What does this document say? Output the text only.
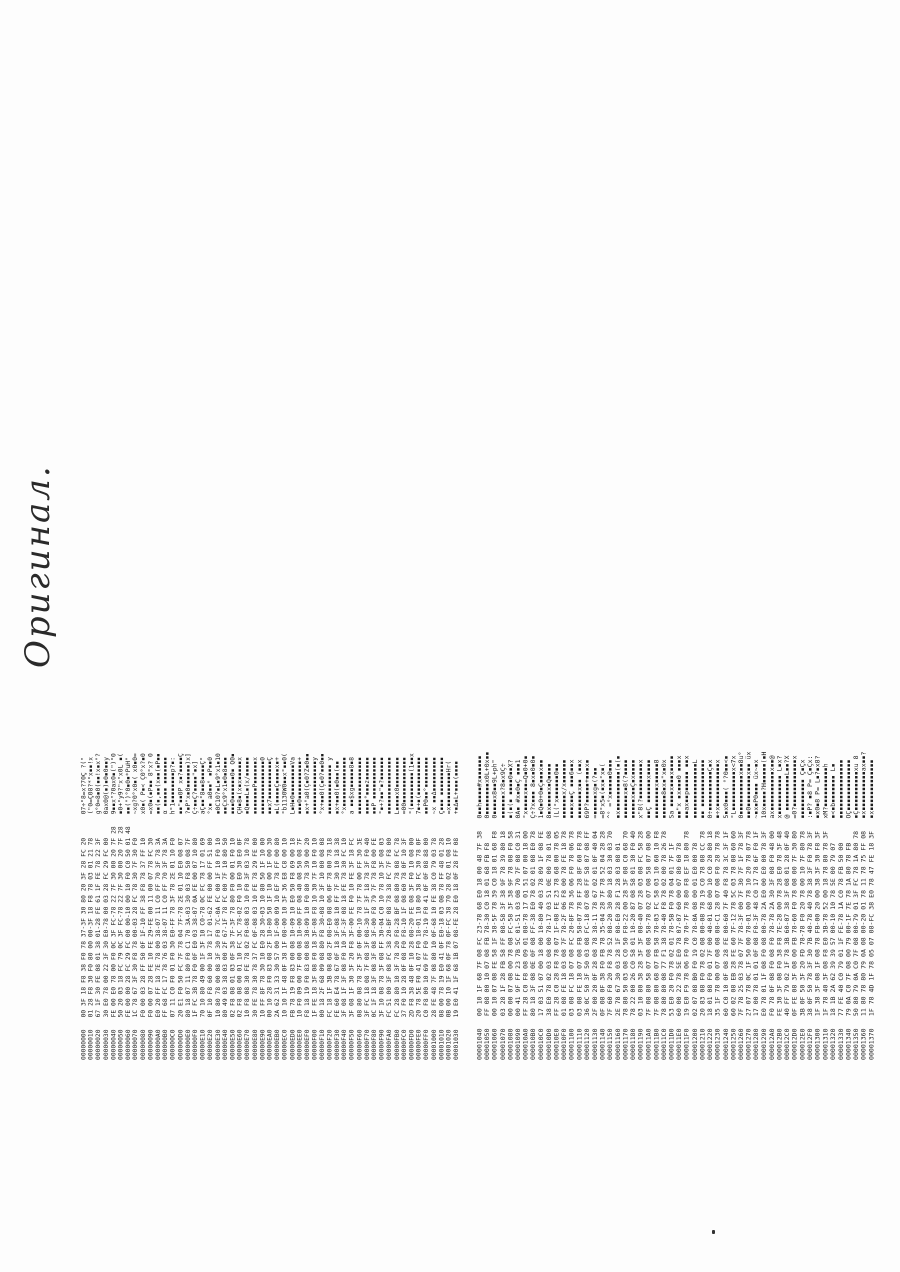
Оригинал.
00000000 00000010 00000020 00000030 00000040 00000050 00000060 00000070 00000080 00000090 000000A0 000000B0 000000C0 000000D0 000000E0 000000F0 00000E10 00000E20 00000E30 00000E40 00000E50 00000E60 00000E70 00000E80 00000E90 00000EA0 00000EB0 00000EC0 00000ED0 00000EE0 00000EF0 00000F00 00000F10 00000F20 00000F30 00000F40 00000F50 00000F60 00000F70 00000F80 00000F90 00000FA0 00000FB0 00000FC0 00000FD0 00000FE0 00000FF0 00001000 00001010 00001020 00001030
00 3F 18 F8 38 F0 78 37-3F 30 80 20 3F 28 FC 20 01 28 F8 30 F0 80 00 00-3F 18 F8 78 03 01 21 78 67 1F 30 FE 08 01 38 01-28 FE 61 1F FE 78 22 3F 30 E0 78 00 22 3F 30 E0-78 00 03 28 FC 29 FC 00 FE 00 E0 78 00 F0 0C 3F FC-78 22 7F 30 00 20 7F 28 50 20 03 18 FC 79 0C 3F FC-78 22 7F 30 00 20 7F 28 FE 00 00 28 FC 29 FC 00 00-10 00 10 F0 C0 50 01 48 1C 78 67 3F 30 F8 78 00-03 28 FC 78 30 7F 30 F0 F0 00 03 28 FF 50 0F 1F-10 FF 38 F8 78 37 FF 10 F0 00 07 28 FE 10 FE 29-FE 00 11 00 07 78 FC 30 E0 20 FF 18 7E 78 00 38-07 11 C0 FF 70 3F 78 3A FF 68 FC 17 78 76 03 38-07 11 C0 FF 70 3F 78 3A 07 11 C0 F0 01 F0 30 E0-FF 78 3F 78 2E 01 10 F0 20 E1 F0 50 FC 7F 78 04 7F-78 2E 01 10 E0 08 07 80 18 07 11 80 F0 C1 70 3A-03 30 03 F8 50 08 7F 1F FC 3B 78 F0 0F E0 03 38-07 0A FE 00 07 10 80 70 10 80 49 00 1F 3F 10 C0-78 0C FC 78 17 01 69 0F 10 F8 60 00 10 78 17 01-62 FE 00 00 FF 51 00 10 80 78 00 08 3F 30 F0 7C-0A FC 00 1F 10 F0 10 80 49 03 38 03 00 2F 67-1F 78 FC 00 7F 10 80 50 02 F8 08 01 03 0F 38 7F-3F 78 80 F0 00 01 F0 10 02 F8 08 00 01 10 FC 3C 78-02 F0 10 E0 30 E0 0F 10 F8 08 30 FE 78 02 F0-08 03 10 F0 3F 03 10 78 30 FE 78 30 78 37 FC 0F-08 03 10 FE 78 29 FE 00 10 FF 8F 78 30 10 E0 28 30-03 10 80 50 1F 10 00 00 10 28 F0 83 08 2F 10-80 50 1F 10 00 1F 00 30 2A 62 31 33 30 57 00 1F-00 09 10 EF 78 FF 00 80 10 10 1F 48 0F 38 1F 08-00 10 3F 36 E8 C8 00 10 FB 78 19 F8 83 00 08 10-09 10 E0 50 F8 69 00 18 10 F0 09 00 7F 00 08 10-00 FF 08 40 08 50 08 7F F8 18 19 F0 83 00 08 30-09 10 F0 80 78 39 00 20 1F FE 18 3F 08 F0 18 3F-08 F8 10 30 7F 10 F0 10 00 18 2F 68 09 08 80 F8 30-08 10 3F 10 00 08 08 FC 18 1F 3B 08 68 2F 08-E0 08 06 0F 78 00 78 18 FE 60 E4 78 67 0F 18 3F-08 10 FF 7F 30 10 18 38 3F 08 1F 3F 08 F0 10 3F-3F 08 18 FE 78 30 FC 10 3F 08 1F 30 3F 20 F8 3F-00 FE F0 10 FE 3F 18 FC 08 80 08 78 2F 3F 0F 00-10 78 7F 78 00 FF 30 3E 3F FC 18 08 7F 08 3F 08-30 1F 3F 18 78 3F F0 40 0C 1F 18 3F 08 3F 08 3F-00 F8 79 7F 78 F8 00 FE 3F 10 08 78 3F 08 FF 30-04 C0 10 78 10 3F 08 03 FC 51 00 3F 08 FC 38 20-BF 08 78 38 FC 7F F8 00 FC 28 80 10 3F 78 20 F8-28 BF 08 80 78 08 FC 78 37 F0 10 28 0F 08 F0 F8-10 1F 08 60 78 0F 10 3F 2D F8 38 48 0F 10 28 08-20 FE 08 3F F0 10 08 00 20 78 5E F0 41 07 F0 18-01 10 80 38 FC 30 78 0F C0 F8 00 10 69 FF F0 78-19 F0 41 0F 0F 08 88 00 28 FE 48 7F 08 80 10 0F-68 10 FE 38 C0 79 03 78 08 00 78 19 E0 41 0F E0-18 03 0B 78 FF 48 01 28 0B 00 10 1F 68 0F 78 0F-FC 38 70 28 02 01 08 10 19 E0 41 1F 68 1B 07 08-FE 28 E0 18 0F 28 FF 08
07÷°8=x?70Ç ?(" ("0=Ç08?*°x▪▪!x g°0=8▪0(▪▪!x▪x"? 0ax0@(▪)▪0▪0▪▪y 9▪▪x"?0ax0▪(")°0 ▪0+°y9?"x"x0L ▪( ▪▪(")°0▪0▪*PuH" ~xg?0°x0▪( x0▪0= x0▪( P▪< Ç0°x?▪0 =x0▪(▪P▪▪ 8°x? 0 ▪▪(▪,▪▪(x▪▪(▪P▪▪ α ▪▪▪▪▪ ▪▪▪▪▪▪▪ h°1▪▪▪▪▪▪▪▪p?▪: ▪▪"▪▪0P x▪?▪▪▪▪Ç ?▪P"x▪0▪▪▪▪▪▪)x] Ç÷▪▪Ç?▪▪▪▪"▪x] aÇ▪▪°8▪▪8▪▪▪▪Ç° °x▪ a0▪▪° ▪P▪▪0 ▪0C10?▪L▪9°x1▪10 ▪▪Çx9°x1▪0▪8▪▪▪ ▪▪▪0▪▪▪▪▪▪0▪ Q0▪ ÇH▪8▪(x▪x▪▪▪▪▪x ▪Q▪▪▪L▪(x/▪▪▪▪▪ ▪▪▪▪▪▪▪P▪▪▪▪▪▪x ▪▪▪▪▪▪▪▪▪▪▪▪▪▪0 ▪▪x7▪▪▪▪▪▪▪▪▪▪Ç ▪L(▪▪▪▪Ç▪▪▪▪x▪+ °b1130W0▪▪x°▪▪0( L▪H▪0▪▪▪▪▪▪▪▪Va ▪▪▪0▪▪▪▪▪▪▪▪▪▪+ ▪x+°a0(Ç▪0?Z▪0▪▪ ▪▪▪▪▪▪▪▪▪▪▪▪▪▪y °x+▪▪0(Ç▪0?▪▪0▪▪ ▪▪▪▪▪▪▪▪▪▪▪▪▪ y ▪x+▪▪0(▪0▪▪(▪▪ °x▪▪▪▪▪▪▪▪▪▪▪▪▪ a ▪▪$xg▪▪▪▪▪8▪8 ▪▪▪▪▪▪▪▪▪▪▪▪▪▪▪ ▪▪▪▪°▪▪▪z▪▪▪▪▪▪ ▪▪P ▪▪▪▪▪▪▪▪▪▪▪ °▪+?▪▪"▪?▪▪▪▪▪▪ ▪▪▪▪▪▪▪▪▪▪▪▪▪▪▪ L▪▪▪▪x0▪▪▪▪▪▪▪▪ =00▪▪▪▪▪▪▪▪▪▪▪▪ °(▪▪▪▪▪▪▪▪▪(1▪▪x 7▪+▪(▪▪▪▪▪▪▪▪▪▪ ▪▪P0▪▪°▪▪▪▪▪▪▪▪ ~x ▪▪Δ▪▪▪▪▪▪▪▪▪ Ç▪▪▪ ▪▪▪▪▪▪▪▪▪▪ =x▪▪▪▪▪▪▪▪▪Hr( +▪Δ▪L+▪▪▪(▪▪▪▪
00001040 00001050 00001060 00001070 00001080 00001090 000010A0 000010B0 000010C0 000010D0 000010E0 000010F0 00001100 00001110 00001120 00001130 00001140 00001150 00001160 00001170 00001180 00001190 000011A0 000011B0 000011C0 000011D0 000011E0 000011F0 00001200 00001210 00001220 00001230 00001240 00001250 00001260 00001270 00001280 00001290 000012A0 000012B0 000012C0 000012D0 000012E0 000012F0 00001300 00001310 00001320 00001330 00001340 00001350 00001360 00001370
00 10 1F 68 7F 08 FC 23-78 68 E0 18 00 48 7F 38 FF 08 00 10 07 08 FB 78-30 C0 18 01 68 FB F8 00 10 07 08 FE 58 1F 38-5F 78 39 C0 18 01 68 F8 03 28 1F 28 FB 58 FF 08-58 3F 38 9F 78 39 80 18 00 00 07 08 00 78 08 FC-58 3F 38 9F 78 08 F0 58 00 41 9F FF 23 7B 5C 01-51 03 0B 70 7F 08 C0 31 FF 28 C0 F8 08 09 01 08-78 17 01 51 07 00 18 00 80 18 3F 08 0E 0F 08 FF-38 E0 78 02 01 08 E0 78 17 03 51 07 00 18 00 10-80 40 03 78 09 1F 08 FE 38 E0 78 02 03 08 00 78-17 03 51 0E 00 78 01 08 FF 28 C0 28 F8 78 07 1F-08 FE 23 78 68 00 78 05 01 08 FE 18 03 08 7F 78-2F 06 F8 00 78 FE 18 78 03 08 FC 18 07 08 FC 20-8F 78 36 06 F0 78 06 78 03 08 FE 18 07 08 FB 58-07 78 FF 28 8F 60 F8 78 36 0C 50 3F 50 03 08 FC-18 07 08 FF 58 07 08 FF 2F 00 20 0F 28 08 78 38-11 78 67 02 01 0F 40 04 0F 08 0F 38 F0 FB 78 35-04 28 7F 78 52 04 28 28 7F 60 F0 20 F8 78 52 08-20 30 80 18 03 30 03 70 2E 78 67 30 03 28 1F 08-E0 28 F1 28 03 08 01 78 80 50 03 08 C0 50 F8-22 00 28 3F 08 C0 68 70 78 22 00 26 C0 58 01 10-20 87 08 58 01 30 F0 40 03 10 80 38 28 3F 3F 08-40 07 28 03 08 FC 58 28 7F 08 80 58 07 08 08 58-78 02 07 08 58 07 08 00 7F 08 80 68 07 FB 58 78-03 FC 58 03 10 60 10 F8 78 80 80 08 77 F1 38 78-40 F8 78 02 00 78 26 78 53 E0 20 F0 78 02 01 78-5B F0 78 04 01 7F 1F 60 00 22 78 5E E0 78 07-07 60 00 07 80 60 78 19 E0 F9 78 06 F0 70 70-7F 78 80 F8 EF 18 80 78 02 07 08 B0 F0 19 C0 78-0A 08 00 01 E0 00 78 20 83 08 F0 78 02 08 00-08 78 19 C0 78 08 CC 78 18 01 08 F0 01 7F 00 40-01 68 00 10 C0 20 80 18 35 1F 78 00 07 08 08 08-C1 28 07 08 F0 28 78 78 60 C0 10 0F 08 28 FE 00-60 7F 40 F8 78 3C 3F 1F 60 02 08 EB 28 FE 60 7F-12 78 5C 03 78 08 60 60 7F 78 25 03 78 07 7F 78-3F 00 7F 30 7F 1F 78 3F 27 07 78 0C 1F 50 00 78-01 00 78 10 20 78 07 78 17 00 78 01 01 0F 08 F0-3F 48 C0 17 78 6F F0 1F E0 78 01 1F 08 F0 08 00-78 2A E0 00 E0 00 78 3F F0 78 0F 08 F0 08 F0 78-78 2A 30 3F 08 F0 48 00 FE 30 3F 08 F0 38 F8 7E-28 00 78 28 E0 78 3F 48 40 FF 79 02 1F 78 3B 60-07 38 3F 08 01 28 0F 40 0F FE 08 3F 08 00 FB 78-60 F0 78 08 00 7F 30 80 3B 0F 50 3F 20 FD 78-78 F0 20 78 00 10 7F 80 78 38 0F 50 78 3F 30 7B 40-78 40 78 38 3F F0 78 3F 1F 38 3F 08 1F 08 78 FB-00 20 00 38 3F 30 F8 3F 1F 78 40 3F 08 F8 E0 3B-78 52 00 18 78 80 78 3F 18 1B 2A 62 39 39 57 00-10 10 78 5E 00 79 07 77 FE 40 C0 79 01 1F FE-78 1A C0 78 FB 50 00 79 0A C0 7F 08 00 79 00-1F 7E 78 1A 80 78 FB 50 80 79 0A C0 7F 08 00-79 01 3F FC 78 1A 80 78 11 80 78 80 79 0A 08 00-20 01 78 11 78 75 FF 08 1F 78 4D 1F 78 05 07 08-FC 38 E0 78 47 FE 18 3F
0▪▪h▪▪▪▪#x▪▪▪▪▪▪ 0▪▪▪▪▪▪▪▪x0L+0x▪▪ 0▪▪▪▪x8▪▪9L+ph" ▪▪▪▪▪▪x?8▪x9Ç÷ ▪(▪(▪ ▪▪▪▪0▪▪X? 0A▪ #x▪0▪Ç ▪▪▪1 °x▪▪▪▪x▪▪=Q▪0+0▪ Ç÷?x▪▪▪ 8▪x▪0▪0▪ 1▪Q▪0+0▪Ç▪▪▪x▪▪ 8▪x▪▪▪▪x▪Q▪▪▪▪ (L(°x▪▪▪▪▪▪0▪▪ ▪▪▪▪▪▪x/x▪▪▪▪▪▪ ▪▪▪x▪▪Ç ▪▪▪6▪▪x ▪▪▪▪▪▪▪x▪▪ (▪▪x 69P?▪▪▪▪▪+▪▪▪x▪ =▪▪▪▪▪xg▪(?▪▪ =8°x5▪(▪x▪°x▪( ^° =°x▪▪▪▪▪0▪▪▪ ▪x▪▪▪▪▪▪▪▪▪▪(▪(▪ ▪▪▪▪▪▪x▪8(?▪▪▪▪ ▪▪▪▪▪x▪▪Ç▪x▪▪▪▪ x"8(?▪▪▪▪▪▪▪▪▪x ▪▪Ç ▪▪▪▪▪▪x▪▪▪▪ ▪▪▪▪▪▪▪▪x▪▪▪▪▪8 ▪▪▪▪▪▪8▪x▪"x▪0x Sa ▪▪▪▪x▪▪▪x▪▪▪▪ ▪▪"x ▪x▪▪▪0 ▪▪▪x ▪▪ax▪▪p▪▪▪▪▪ ▪▪x ▪▪▪▪▪▪▪▪▪▪▪▪▪▪L ▪▪ ▪▪▪▪▪▪▪▪▪▪▪▪ 0÷▪▪▪▪▪▪▪▪▪▪Ç▪x ▪÷x▪▪▪▪▪▪▪▪▪▪▪x 5▪x0▪▪▪( °?0▪▪<▪ °L▪▪▪▪▪▪▪▪▪▪x<7x 0▪▪▪▪▪▪▪▪▪▪x▪▪8u° ▪▪0▪▪▪▪▪▪▪▪x▪▪ üx ~▪x▪P0▪▪▪ üx~▪x 10x▪▪▪▪?H▪▪▪▪▪(▪H ax▪▪▪▪▪▪▪▪▪▪x▪▪@ x▪▪▪▪▪▪▪▪▪▪ L▪x? @ ▪▪▪▪▪▪▪▪▪L▪▪?X =0?▪▪▪▪▪▪▪▪▪▪▪▪x ▪▪▪▪▪▪▪▪▪▪ Ç▪Çx :▪P? ▪8 P= Ç▪Çx: ▪x0▪8 P= L▪?▪x8? xM?▪▪▪▪▪▪▪▪▪▪h ▪<▪b▪▪▪▪▪▪▪ L▪ ▪▪▪▪▪▪▪▪▪▪▪▪▪▪▪ OÇ▪▪▪▪▪▪▪▪▪▪▪▪▪ ▪Ç▪▪▪▪▪▪▪▪▪▪xu 8 ▪x▪▪▪▪▪▪▪▪▪▪ax▪▪? ▪x▪▪▪▪▪▪▪▪▪▪▪▪▪
